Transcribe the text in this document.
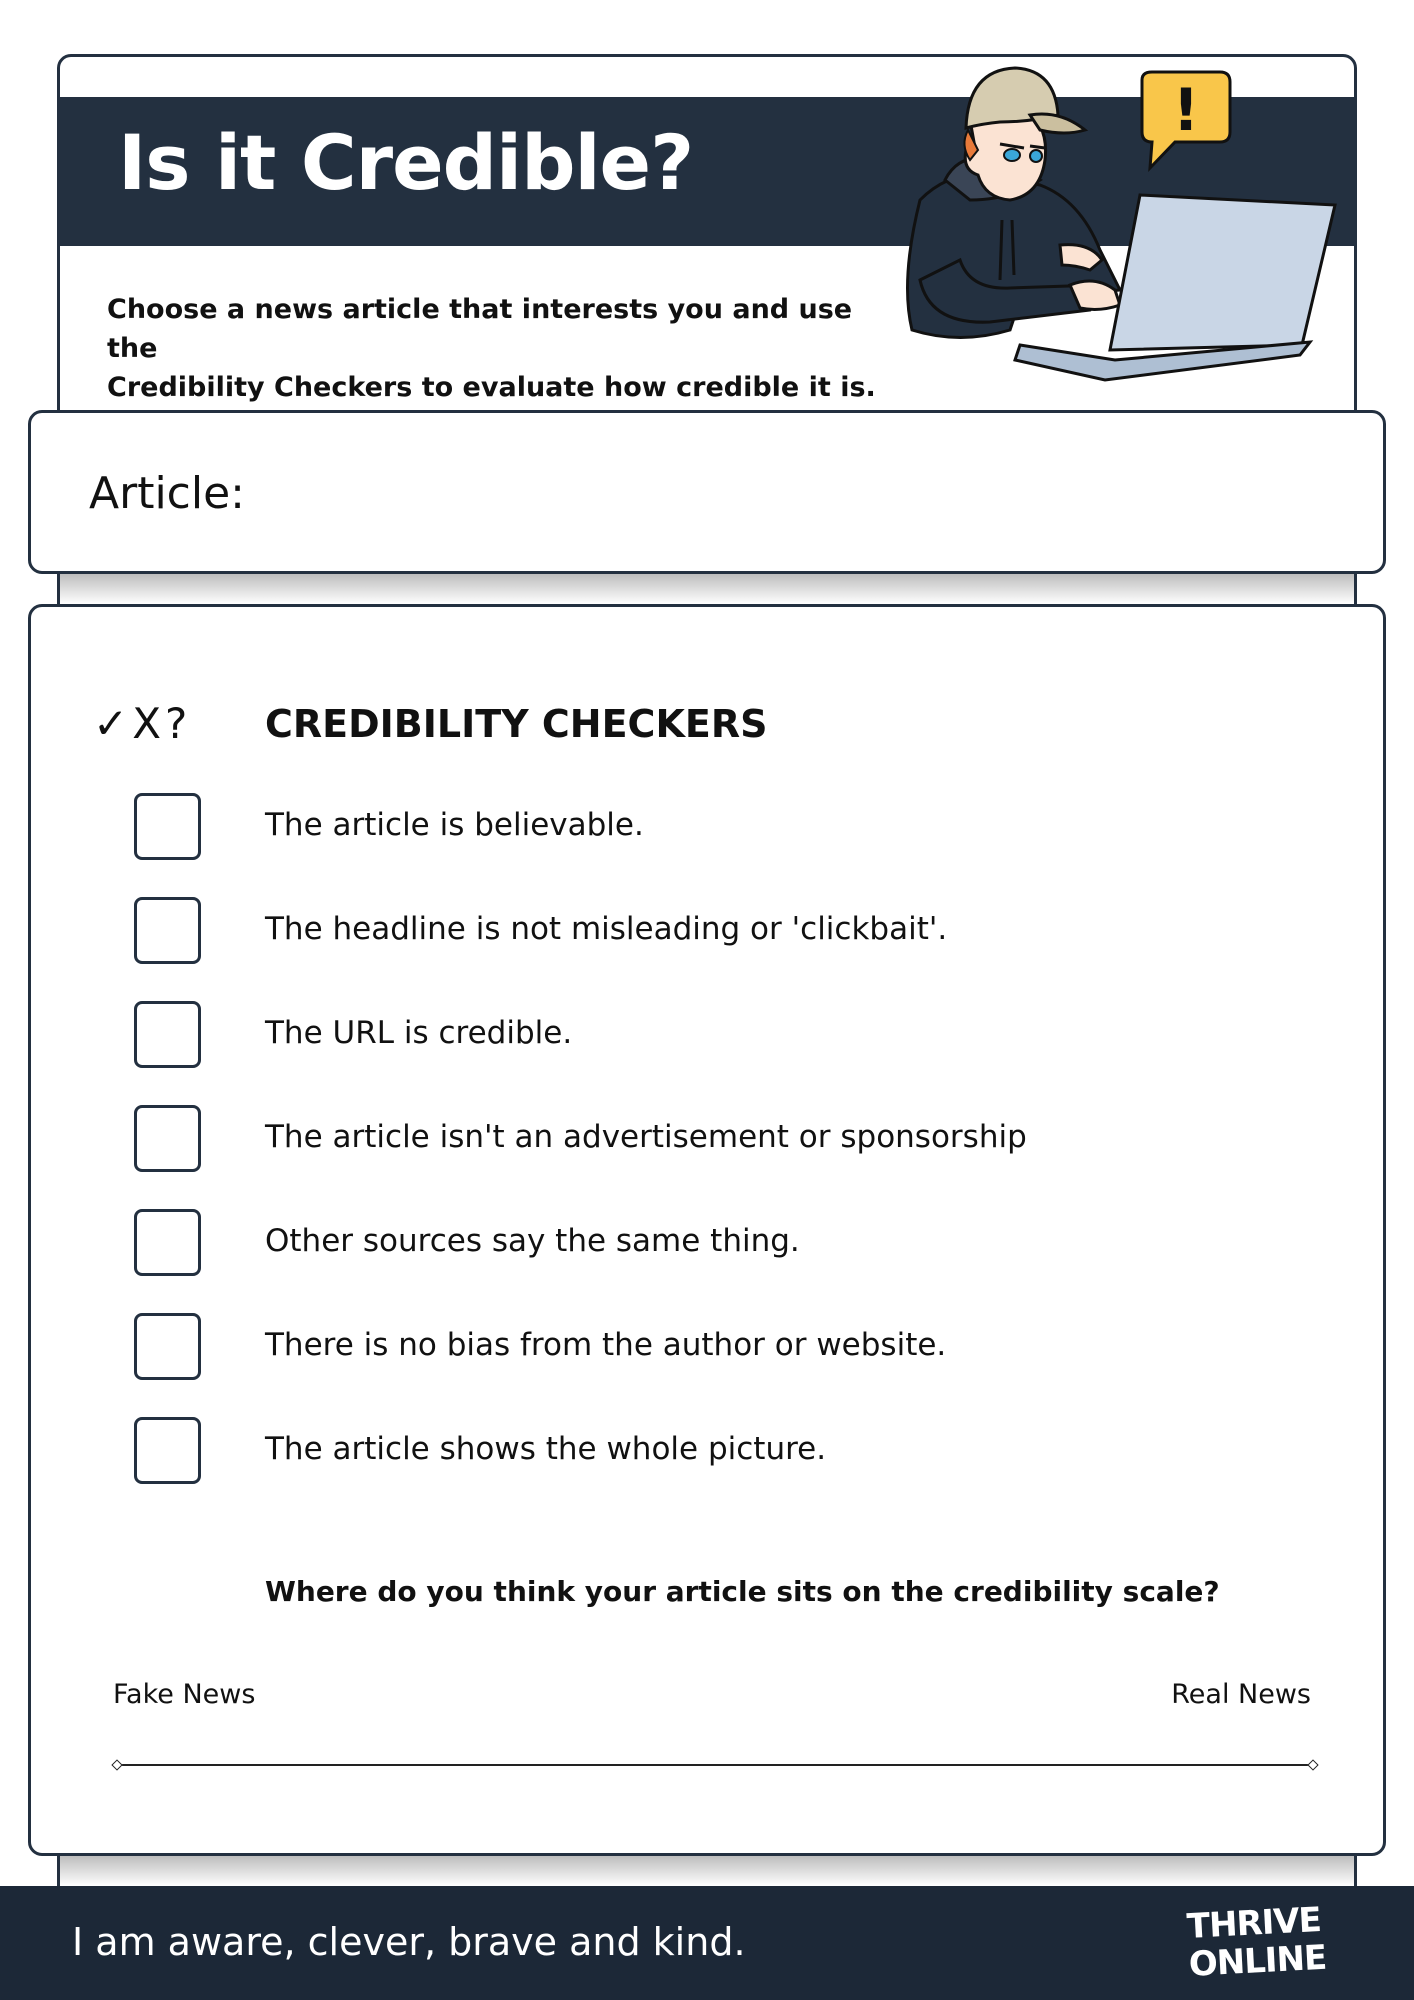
Is it Credible?
Choose a news article that interests you and use the
Credibility Checkers to evaluate how credible it is.
!
Article:
✓X? CREDIBILITY CHECKERS
The article is believable.
The headline is not misleading or 'clickbait'.
The URL is credible.
The article isn't an advertisement or sponsorship
Other sources say the same thing.
There is no bias from the author or website.
The article shows the whole picture.
Where do you think your article sits on the credibility scale?
Fake News	Real News
I am aware, clever, brave and kind.	THRIVE
ONLINE
